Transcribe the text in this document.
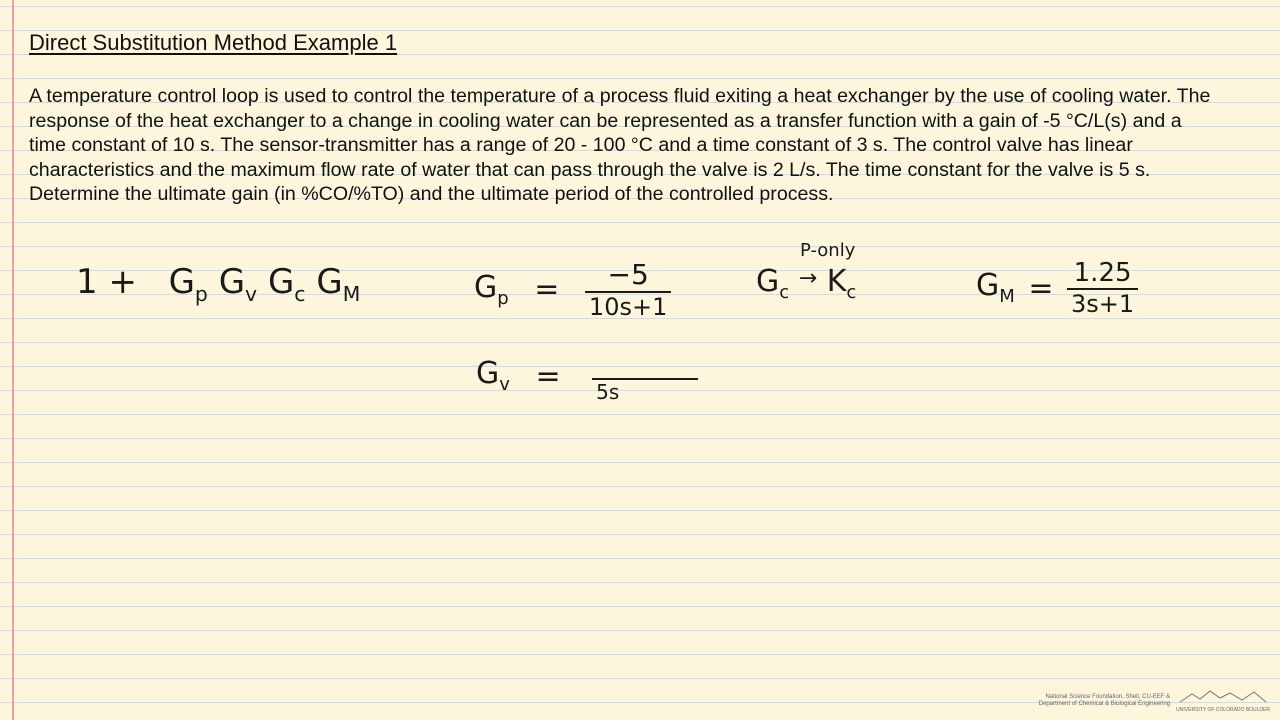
Direct Substitution Method Example 1

A temperature control loop is used to control the temperature of a process fluid exiting a heat exchanger by the use of cooling water. The response of the heat exchanger to a change in cooling water can be represented as a transfer function with a gain of -5 °C/L(s) and a time constant of 10 s. The sensor-transmitter has a range of 20 - 100 °C and a time constant of 3 s. The control valve has linear characteristics and the maximum flow rate of water that can pass through the valve is 2 L/s. The time constant for the valve is 5 s. Determine the ultimate gain (in %CO/%TO) and the ultimate period of the controlled process.

$1 + G_p$ $G_v$ $G_c$ $G_M$	$G_p = \frac{-5}{10s+1}$
P-only
$G_c$ → $K_c$	$G_M = \frac{1.25}{3s+1}$
$G_v = 5s$
National Science Foundation, Shell, CU-EEF &
Department of Chemical & Biological Engineering
UNIVERSITY OF COLORADO BOULDER
